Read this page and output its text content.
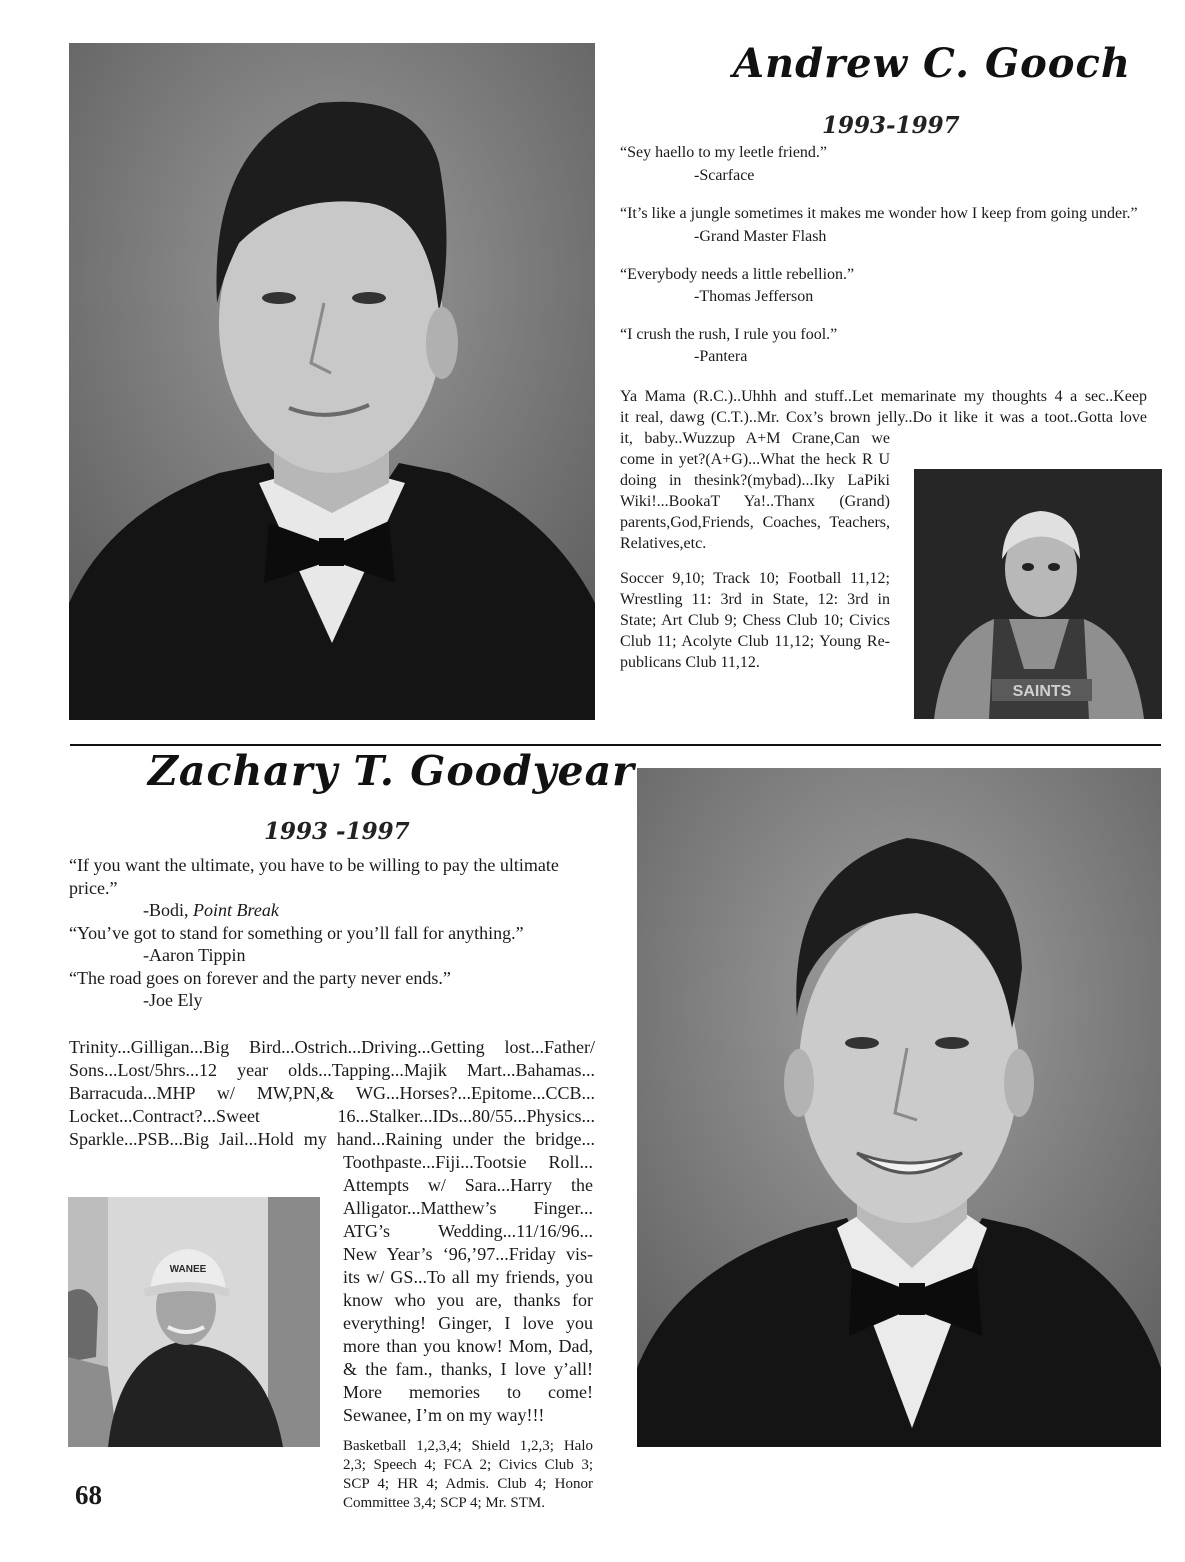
Andrew C. Gooch
1993-1997
“Sey haello to my leetle friend.”
-Scarface
“It’s like a jungle sometimes it makes me wonder how I keep from going under.”
-Grand Master Flash
“Everybody needs a little rebellion.”
-Thomas Jefferson
“I crush the rush, I rule you fool.”
-Pantera
Ya Mama (R.C.)..Uhhh and stuff..Let memarinate my thoughts 4 a sec..Keep
it real, dawg (C.T.)..Mr. Cox’s brown jelly..Do it like it was a toot..Gotta love
it, baby..Wuzzup A+M Crane,Can we
come in yet?(A+G)...What the heck R U
doing in thesink?(mybad)...Iky LaPiki
Wiki!...BookaT Ya!..Thanx (Grand)
parents,God,Friends, Coaches, Teachers,
Relatives,etc.
Soccer 9,10; Track 10; Football 11,12;
Wrestling 11: 3rd in State, 12: 3rd in
State; Art Club 9; Chess Club 10; Civics
Club 11; Acolyte Club 11,12; Young Re-
publicans Club 11,12.
SAINTS
Zachary T. Goodyear
1993 -1997
“If you want the ultimate, you have to be willing to pay the ultimate
price.”
-Bodi, Point Break
“You’ve got to stand for something or you’ll fall for anything.”
-Aaron Tippin
“The road goes on forever and the party never ends.”
-Joe Ely
Trinity...Gilligan...Big Bird...Ostrich...Driving...Getting lost...Father/
Sons...Lost/5hrs...12 year olds...Tapping...Majik Mart...Bahamas...
Barracuda...MHP w/ MW,PN,& WG...Horses?...Epitome...CCB...
Locket...Contract?...Sweet 16...Stalker...IDs...80/55...Physics...
Sparkle...PSB...Big Jail...Hold my hand...Raining under the bridge...
Toothpaste...Fiji...Tootsie Roll...
Attempts w/ Sara...Harry the
Alligator...Matthew’s Finger...
ATG’s Wedding...11/16/96...
New Year’s ‘96,’97...Friday vis-
its w/ GS...To all my friends, you
know who you are, thanks for
everything! Ginger, I love you
more than you know! Mom, Dad,
& the fam., thanks, I love y’all!
More memories to come!
Sewanee, I’m on my way!!!
Basketball 1,2,3,4; Shield 1,2,3; Halo
2,3; Speech 4; FCA 2; Civics Club 3;
SCP 4; HR 4; Admis. Club 4; Honor
Committee 3,4; SCP 4; Mr. STM.
WANEE
68
